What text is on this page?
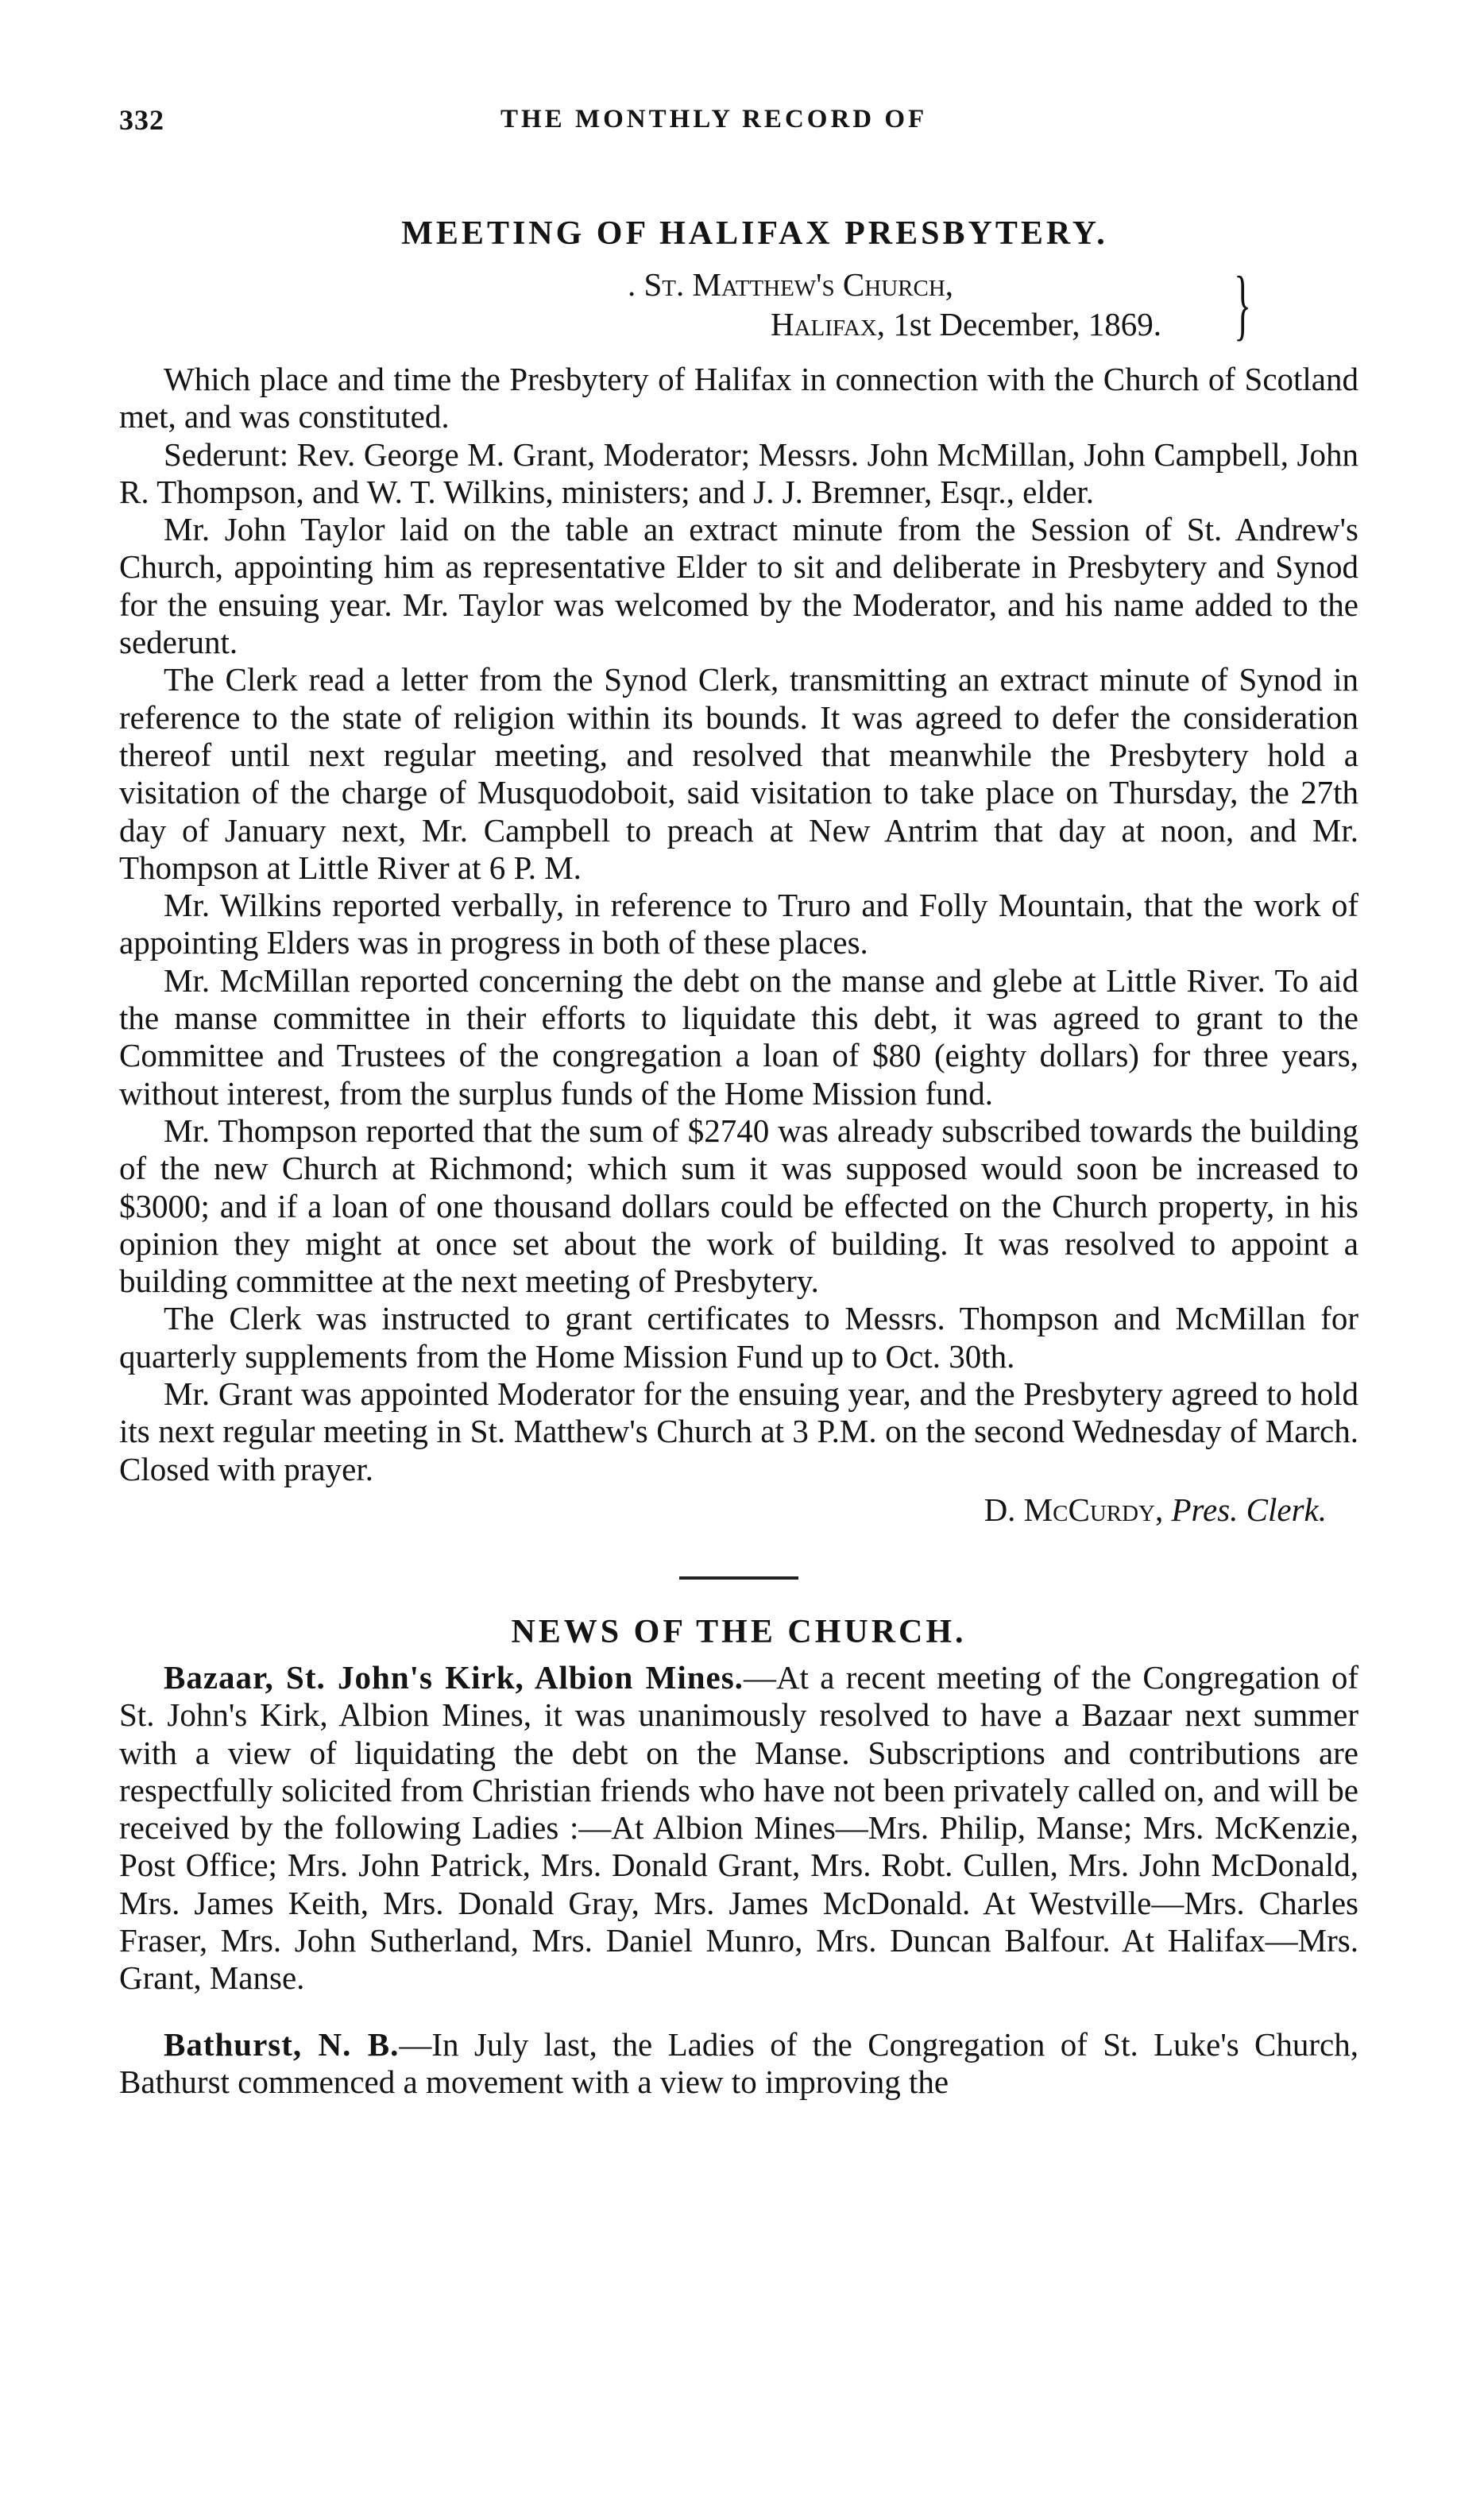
332	THE MONTHLY RECORD OF
MEETING OF HALIFAX PRESBYTERY.
. St. Matthew's Church,
Halifax, 1st December, 1869. }

Which place and time the Presbytery of Halifax in connection with the Church of Scotland met, and was constituted.

Sederunt: Rev. George M. Grant, Moderator; Messrs. John McMillan, John Campbell, John R. Thompson, and W. T. Wilkins, ministers; and J. J. Bremner, Esqr., elder.

Mr. John Taylor laid on the table an extract minute from the Session of St. Andrew's Church, appointing him as representative Elder to sit and deliberate in Presbytery and Synod for the ensuing year. Mr. Taylor was welcomed by the Moderator, and his name added to the sederunt.

The Clerk read a letter from the Synod Clerk, transmitting an extract minute of Synod in reference to the state of religion within its bounds. It was agreed to defer the consideration thereof until next regular meeting, and resolved that meanwhile the Presbytery hold a visitation of the charge of Musquodoboit, said visitation to take place on Thursday, the 27th day of January next, Mr. Campbell to preach at New Antrim that day at noon, and Mr. Thompson at Little River at 6 P. M.

Mr. Wilkins reported verbally, in reference to Truro and Folly Mountain, that the work of appointing Elders was in progress in both of these places.

Mr. McMillan reported concerning the debt on the manse and glebe at Little River. To aid the manse committee in their efforts to liquidate this debt, it was agreed to grant to the Committee and Trustees of the congregation a loan of $80 (eighty dollars) for three years, without interest, from the surplus funds of the Home Mission fund.

Mr. Thompson reported that the sum of $2740 was already subscribed towards the building of the new Church at Richmond; which sum it was supposed would soon be increased to $3000; and if a loan of one thousand dollars could be effected on the Church property, in his opinion they might at once set about the work of building. It was resolved to appoint a building committee at the next meeting of Presbytery.

The Clerk was instructed to grant certificates to Messrs. Thompson and McMillan for quarterly supplements from the Home Mission Fund up to Oct. 30th.

Mr. Grant was appointed Moderator for the ensuing year, and the Presbytery agreed to hold its next regular meeting in St. Matthew's Church at 3 P.M. on the second Wednesday of March. Closed with prayer.

D. McCurdy, Pres. Clerk.
NEWS OF THE CHURCH.

Bazaar, St. John's Kirk, Albion Mines.—At a recent meeting of the Congregation of St. John's Kirk, Albion Mines, it was unanimously resolved to have a Bazaar next summer with a view of liquidating the debt on the Manse. Subscriptions and contributions are respectfully solicited from Christian friends who have not been privately called on, and will be received by the following Ladies :—At Albion Mines—Mrs. Philip, Manse; Mrs. McKenzie, Post Office; Mrs. John Patrick, Mrs. Donald Grant, Mrs. Robt. Cullen, Mrs. John McDonald, Mrs. James Keith, Mrs. Donald Gray, Mrs. James McDonald. At Westville—Mrs. Charles Fraser, Mrs. John Sutherland, Mrs. Daniel Munro, Mrs. Duncan Balfour. At Halifax—Mrs. Grant, Manse.

Bathurst, N. B.—In July last, the Ladies of the Congregation of St. Luke's Church, Bathurst commenced a movement with a view to improving the
